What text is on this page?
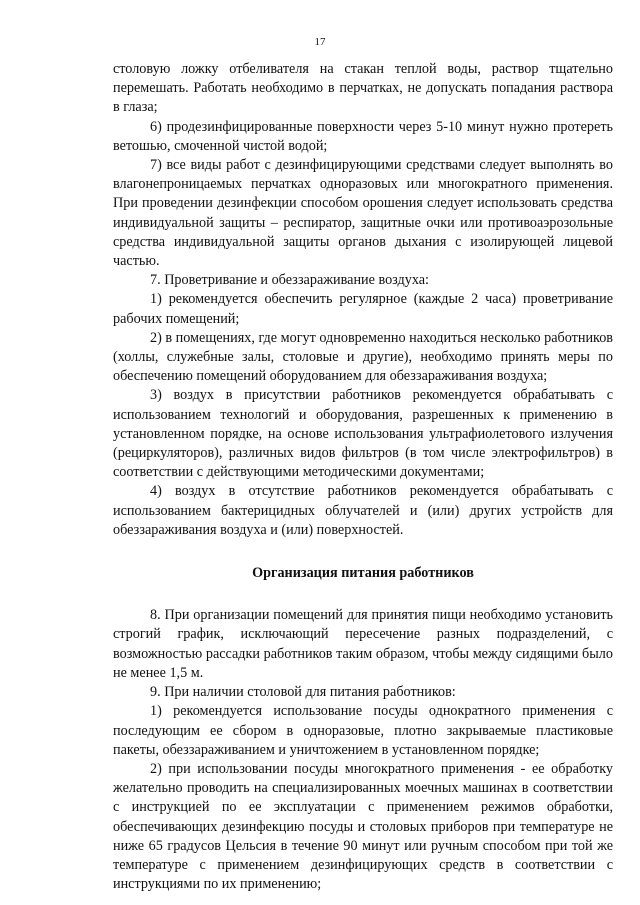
17

столовую ложку отбеливателя на стакан теплой воды, раствор тщательно перемешать. Работать необходимо в перчатках, не допускать попадания раствора в глаза;

6) продезинфицированные поверхности через 5-10 минут нужно протереть ветошью, смоченной чистой водой;

7) все виды работ с дезинфицирующими средствами следует выполнять во влагонепроницаемых перчатках одноразовых или многократного применения. При проведении дезинфекции способом орошения следует использовать средства индивидуальной защиты – респиратор, защитные очки или противоаэрозольные средства индивидуальной защиты органов дыхания с изолирующей лицевой частью.

7. Проветривание и обеззараживание воздуха:

1) рекомендуется обеспечить регулярное (каждые 2 часа) проветривание рабочих помещений;

2) в помещениях, где могут одновременно находиться несколько работников (холлы, служебные залы, столовые и другие), необходимо принять меры по обеспечению помещений оборудованием для обеззараживания воздуха;

3) воздух в присутствии работников рекомендуется обрабатывать с использованием технологий и оборудования, разрешенных к применению в установленном порядке, на основе использования ультрафиолетового излучения (рециркуляторов), различных видов фильтров (в том числе электрофильтров) в соответствии с действующими методическими документами;

4) воздух в отсутствие работников рекомендуется обрабатывать с использованием бактерицидных облучателей и (или) других устройств для обеззараживания воздуха и (или) поверхностей.

Организация питания работников

8. При организации помещений для принятия пищи необходимо установить строгий график, исключающий пересечение разных подразделений, с возможностью рассадки работников таким образом, чтобы между сидящими было не менее 1,5 м.

9. При наличии столовой для питания работников:

1) рекомендуется использование посуды однократного применения с последующим ее сбором в одноразовые, плотно закрываемые пластиковые пакеты, обеззараживанием и уничтожением в установленном порядке;

2) при использовании посуды многократного применения - ее обработку желательно проводить на специализированных моечных машинах в соответствии с инструкцией по ее эксплуатации с применением режимов обработки, обеспечивающих дезинфекцию посуды и столовых приборов при температуре не ниже 65 градусов Цельсия в течение 90 минут или ручным способом при той же температуре с применением дезинфицирующих средств в соответствии с инструкциями по их применению;
